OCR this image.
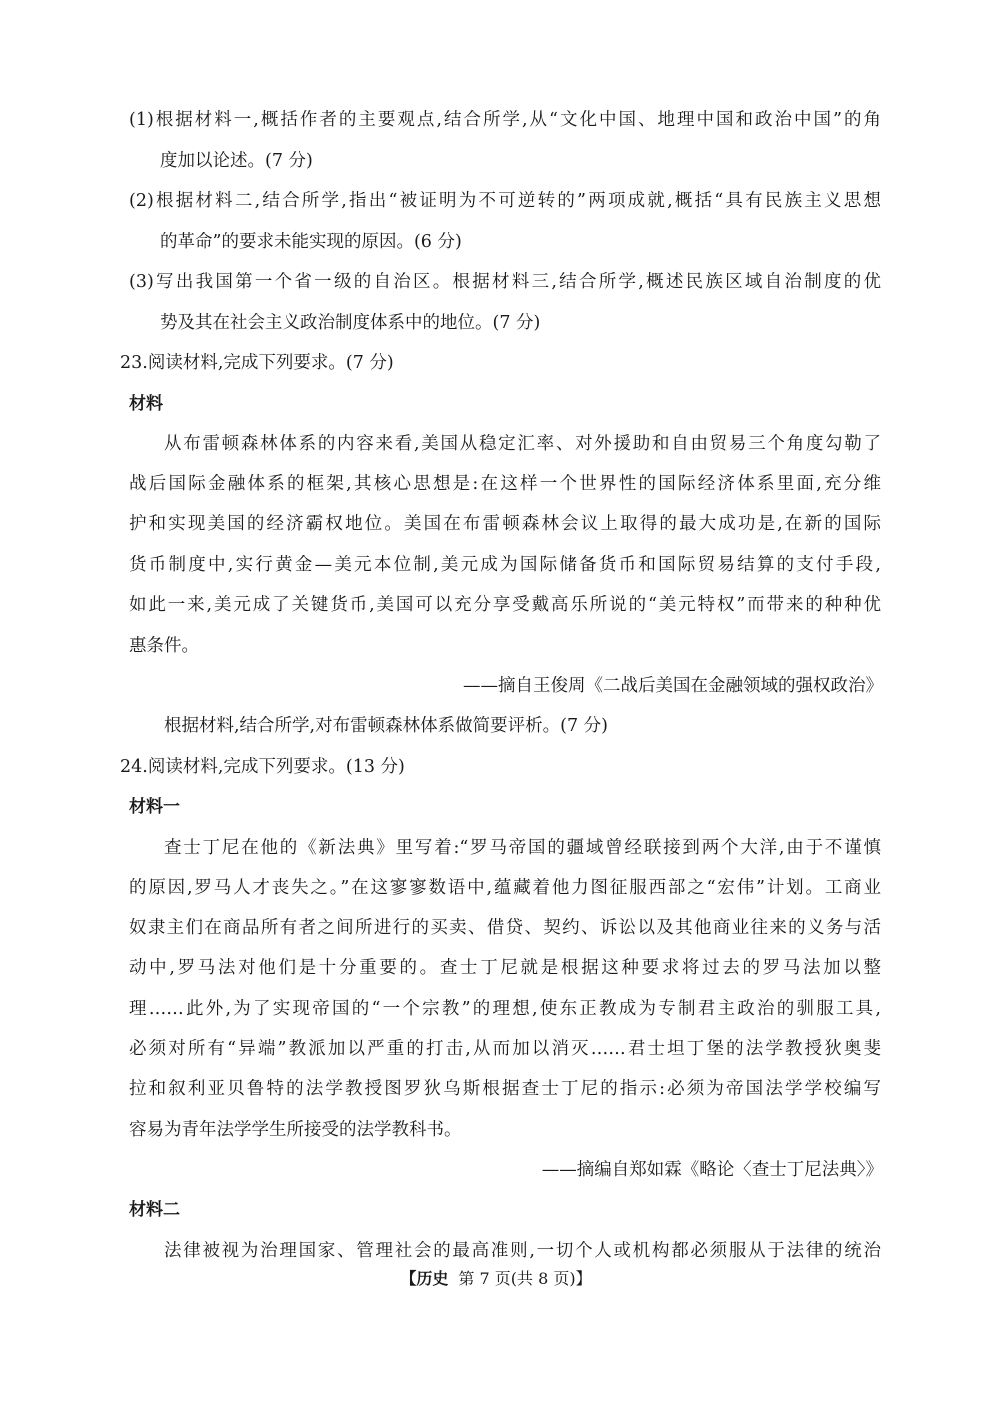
(1)根据材料一,概括作者的主要观点,结合所学,从“文化中国、地理中国和政治中国”的角
度加以论述。(7 分)
(2)根据材料二,结合所学,指出“被证明为不可逆转的”两项成就,概括“具有民族主义思想
的革命”的要求未能实现的原因。(6 分)
(3)写出我国第一个省一级的自治区。根据材料三,结合所学,概述民族区域自治制度的优
势及其在社会主义政治制度体系中的地位。(7 分)
23.阅读材料,完成下列要求。(7 分)
材料
从布雷顿森林体系的内容来看,美国从稳定汇率、对外援助和自由贸易三个角度勾勒了
战后国际金融体系的框架,其核心思想是:在这样一个世界性的国际经济体系里面,充分维
护和实现美国的经济霸权地位。美国在布雷顿森林会议上取得的最大成功是,在新的国际
货币制度中,实行黄金—美元本位制,美元成为国际储备货币和国际贸易结算的支付手段,
如此一来,美元成了关键货币,美国可以充分享受戴高乐所说的“美元特权”而带来的种种优
惠条件。
——摘自王俊周《二战后美国在金融领域的强权政治》
根据材料,结合所学,对布雷顿森林体系做简要评析。(7 分)
24.阅读材料,完成下列要求。(13 分)
材料一
查士丁尼在他的《新法典》里写着:“罗马帝国的疆域曾经联接到两个大洋,由于不谨慎
的原因,罗马人才丧失之。”在这寥寥数语中,蕴藏着他力图征服西部之“宏伟”计划。工商业
奴隶主们在商品所有者之间所进行的买卖、借贷、契约、诉讼以及其他商业往来的义务与活
动中,罗马法对他们是十分重要的。查士丁尼就是根据这种要求将过去的罗马法加以整
理……此外,为了实现帝国的“一个宗教”的理想,使东正教成为专制君主政治的驯服工具,
必须对所有“异端”教派加以严重的打击,从而加以消灭……君士坦丁堡的法学教授狄奥斐
拉和叙利亚贝鲁特的法学教授图罗狄乌斯根据查士丁尼的指示:必须为帝国法学学校编写
容易为青年法学学生所接受的法学教科书。
——摘编自郑如霖《略论〈查士丁尼法典〉》
材料二
法律被视为治理国家、管理社会的最高准则,一切个人或机构都必须服从于法律的统治
【历史 第 7 页(共 8 页)】
